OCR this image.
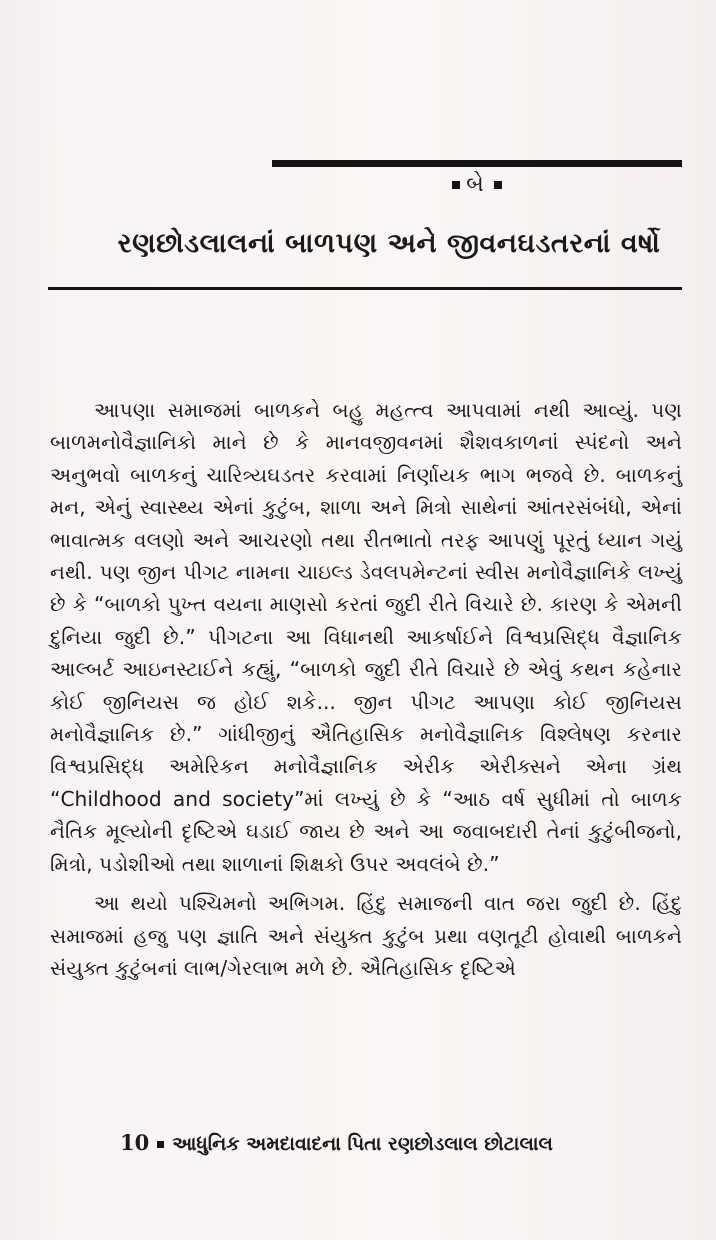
બે
રણછોડલાલનાં બાળપણ અને જીવનઘડતરનાં વર્ષો

આપણા સમાજમાં બાળકને બહુ મહત્ત્વ આપવામાં નથી આવ્યું. પણ બાળમનોવૈજ્ઞાનિકો માને છે કે માનવજીવનમાં શૈશવકાળનાં સ્પંદનો અને અનુભવો બાળકનું ચારિત્ર્યઘડતર કરવામાં નિર્ણાયક ભાગ ભજવે છે. બાળકનું મન, એનું સ્વાસ્થ્ય એનાં કુટુંબ, શાળા અને મિત્રો સાથેનાં આંતરસંબંધો, એનાં ભાવાત્મક વલણો અને આચરણો તથા રીતભાતો તરફ આપણું પૂરતું ધ્યાન ગયું નથી. પણ જીન પીગટ નામના ચાઇલ્ડ ડેવલપમેન્ટનાં સ્વીસ મનોવૈજ્ઞાનિકે લખ્યું છે કે “બાળકો પુખ્ત વયના માણસો કરતાં જુદી રીતે વિચારે છે. કારણ કે એમની દુનિયા જુદી છે.” પીગટના આ વિધાનથી આકર્ષાઈને વિશ્વપ્રસિદ્ધ વૈજ્ઞાનિક આલ્બર્ટ આઇનસ્ટાઈને કહ્યું, “બાળકો જુદી રીતે વિચારે છે એવું કથન કહેનાર કોઈ જીનિયસ જ હોઈ શકે... જીન પીગટ આપણા કોઈ જીનિયસ મનોવૈજ્ઞાનિક છે.” ગાંધીજીનું ઐતિહાસિક મનોવૈજ્ઞાનિક વિશ્લેષણ કરનાર વિશ્વપ્રસિદ્ધ અમેરિકન મનોવૈજ્ઞાનિક એરીક એરીક્સને એના ગ્રંથ “Childhood and society”માં લખ્યું છે કે “આઠ વર્ષ સુધીમાં તો બાળક નૈતિક મૂલ્યોની દૃષ્ટિએ ઘડાઈ જાય છે અને આ જવાબદારી તેનાં કુટુંબીજનો, મિત્રો, પડોશીઓ તથા શાળાનાં શિક્ષકો ઉપર અવલંબે છે.”

આ થયો પશ્ચિમનો અભિગમ. હિંદુ સમાજની વાત જરા જુદી છે. હિંદુ સમાજમાં હજુ પણ જ્ઞાતિ અને સંયુક્ત કુટુંબ પ્રથા વણતૂટી હોવાથી બાળકને સંયુક્ત કુટુંબનાં લાભ/ગેરલાભ મળે છે. ઐતિહાસિક દૃષ્ટિએ

10 આધુનિક અમદાવાદના પિતા રણછોડલાલ છોટાલાલ
